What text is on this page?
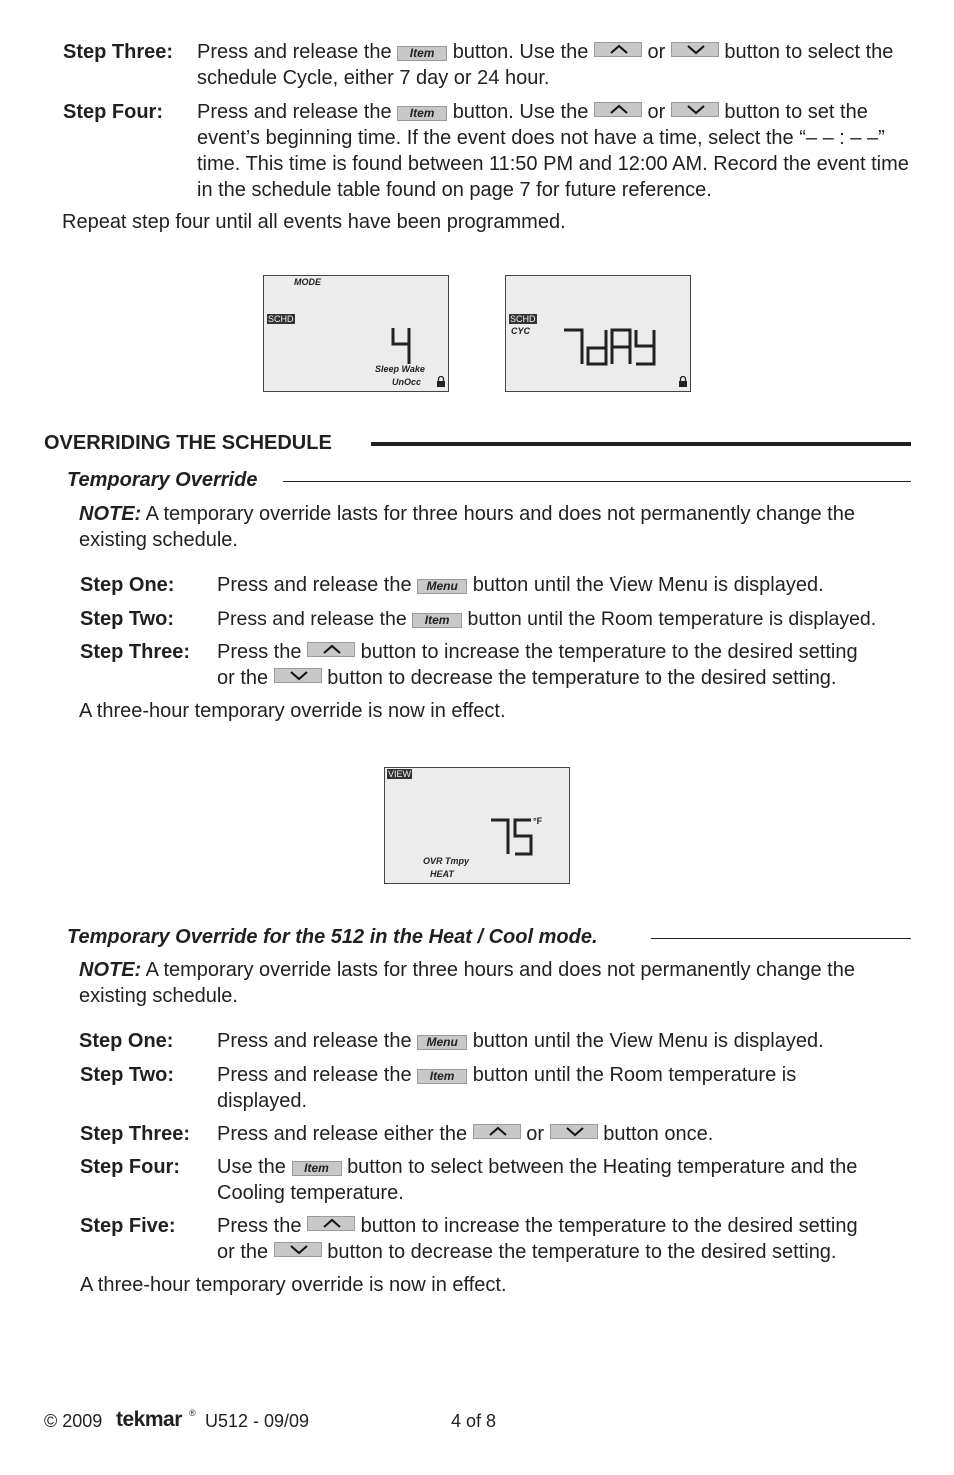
Step Three: Press and release the Item button. Use the	or	button to select the schedule Cycle, either 7 day or 24 hour.
Step Four: Press and release the Item button. Use the	or	button to set the event’s beginning time. If the event does not have a time, select the “– – : – –” time. This time is found between 11:50 PM and 12:00 AM. Record the event time in the schedule table found on page 7 for future reference.
Repeat step four until all events have been programmed.
MODE
SCHD
Sleep Wake
UnOcc
SCHD
CYC
OVERRIDING THE SCHEDULE
Temporary Override
NOTE: A temporary override lasts for three hours and does not permanently change the existing schedule.
Step One: Press and release the Menu button until the View Menu is displayed.
Step Two: Press and release the Item button until the Room temperature is displayed.
Step Three: Press the	button to increase the temperature to the desired setting

or the	button to decrease the temperature to the desired setting.

A three-hour temporary override is now in effect.
VIEW
°F
OVR Tmpy
HEAT
Temporary Override for the 512 in the Heat / Cool mode.
NOTE: A temporary override lasts for three hours and does not permanently change the existing schedule.
Step One: Press and release the Menu button until the View Menu is displayed.
Step Two: Press and release the Item button until the Room temperature is displayed.
Step Three: Press and release either the	or	button once.
Step Four: Use the Item button to select between the Heating temperature and the Cooling temperature.
Step Five: Press the	button to increase the temperature to the desired setting

or the	button to decrease the temperature to the desired setting.

A three-hour temporary override is now in effect.
© 2009 tekmar ® U512 - 09/09	4 of 8
